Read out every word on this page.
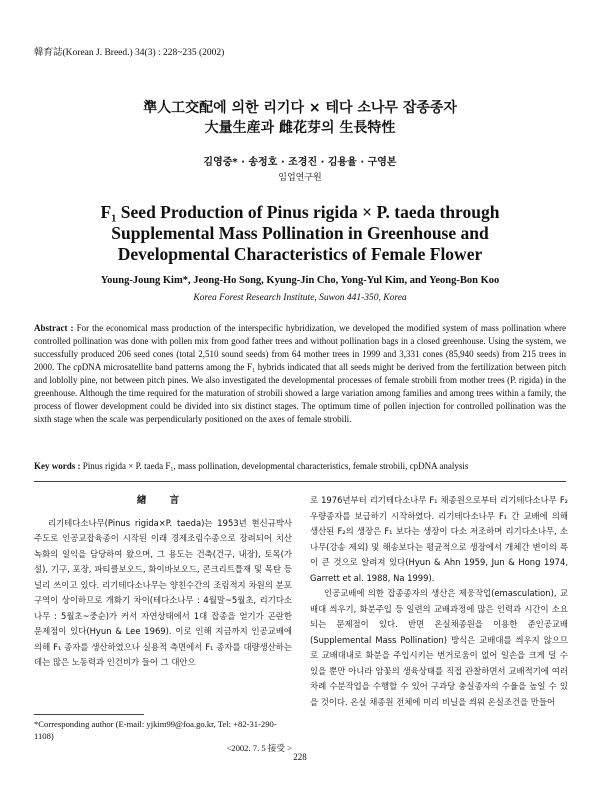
韓育誌(Korean J. Breed.) 34(3) : 228~235 (2002)
準人工交配에 의한 리기다 × 테다 소나무 잡종종자
大量生産과 雌花芽의 生長特性
김영중* · 송정호 · 조경진 · 김용율 · 구영본
임업연구원
F₁ Seed Production of Pinus rigida × P. taeda through Supplemental Mass Pollination in Greenhouse and Developmental Characteristics of Female Flower
Young-Joung Kim*, Jeong-Ho Song, Kyung-Jin Cho, Yong-Yul Kim, and Yeong-Bon Koo
Korea Forest Research Institute, Suwon 441-350, Korea
Abstract : For the economical mass production of the interspecific hybridization, we developed the modified system of mass pollination where controlled pollination was done with pollen mix from good father trees and without pollination bags in a closed greenhouse. Using the system, we successfully produced 206 seed cones (total 2,510 sound seeds) from 64 mother trees in 1999 and 3,331 cones (85,940 seeds) from 215 trees in 2000. The cpDNA microsatellite band patterns among the F₁ hybrids indicated that all seeds might be derived from the fertilization between pitch and loblolly pine, not between pitch pines. We also investigated the developmental processes of female strobili from mother trees (P. rigida) in the greenhouse. Although the time required for the maturation of strobili showed a large variation among families and among trees within a family, the process of flower development could be divided into six distinct stages. The optimum time of pollen injection for controlled pollination was the sixth stage when the scale was perpendicularly positioned on the axes of female strobili.
Key words : Pinus rigida × P. taeda F₁, mass pollination, developmental characteristics, female strobili, cpDNA analysis
緖 言

리기테다소나무(Pinus rigida×P. taeda)는 1953년 현신규박사 주도로 인공교잡육종이 시작된 이래 경제조림수종으로 장려되어 치산녹화의 일익을 담당하여 왔으며, 그 용도는 건축(건구, 내장), 토목(가설), 기구, 포장, 파티클보오드, 화이바보오드, 콘크리트틀재 및 목탄 등 널리 쓰이고 있다. 리기테다소나무는 양친수간의 조림적지 차원의 분포 구역이 상이하므로 개화기 차이(테다소나무 : 4월말~5월초, 리기다소나무 : 5월초~중순)가 커서 자연상태에서 1대 잡종을 얻기가 곤란한 문제점이 있다(Hyun & Lee 1969). 이로 인해 지금까지 인공교배에 의해 F₁ 종자를 생산하였으나 실용적 측면에서 F₁ 종자를 대량생산하는데는 많은 노동력과 인건비가 들어 그 대안으

로 1976년부터 리기테다소나무 F₁ 채종원으로부터 리기테다소나무 F₂ 우량종자를 보급하기 시작하였다. 리기테다소나무 F₁ 간 교배에 의해 생산된 F₂의 생장은 F₁ 보다는 생장이 다소 저조하며 리기다소나무, 소나무(강송 제외) 및 해송보다는 평균적으로 생장에서 개체간 변이의 폭이 큰 것으로 알려져 있다(Hyun & Ahn 1959, Jun & Hong 1974, Garrett et al. 1988, Na 1999).

인공교배에 의한 잡종종자의 생산은 제웅작업(emasculation), 교배대 씌우기, 화분주입 등 일련의 교배과정에 많은 인력과 시간이 소요되는 문제점이 있다. 반면 온실채종원을 이용한 준인공교배(Supplemental Mass Pollination) 방식은 교배대를 씌우지 않으므로 교배대내로 화분을 주입시키는 번거로움이 없어 일손을 크게 덜 수 있을 뿐만 아니라 암꽃의 생육상태를 직접 관찰하면서 교배적기에 여러 차례 수분작업을 수행할 수 있어 구과당 충실종자의 수율을 높일 수 있을 것이다. 온실 채종원 전체에 미리 비닐을 씌워 온실조건을 만들어

*Corresponding author (E-mail: yjkim99@foa.go.kr, Tel: +82-31-290-1108)
<2002. 7. 5 接受 >
228
